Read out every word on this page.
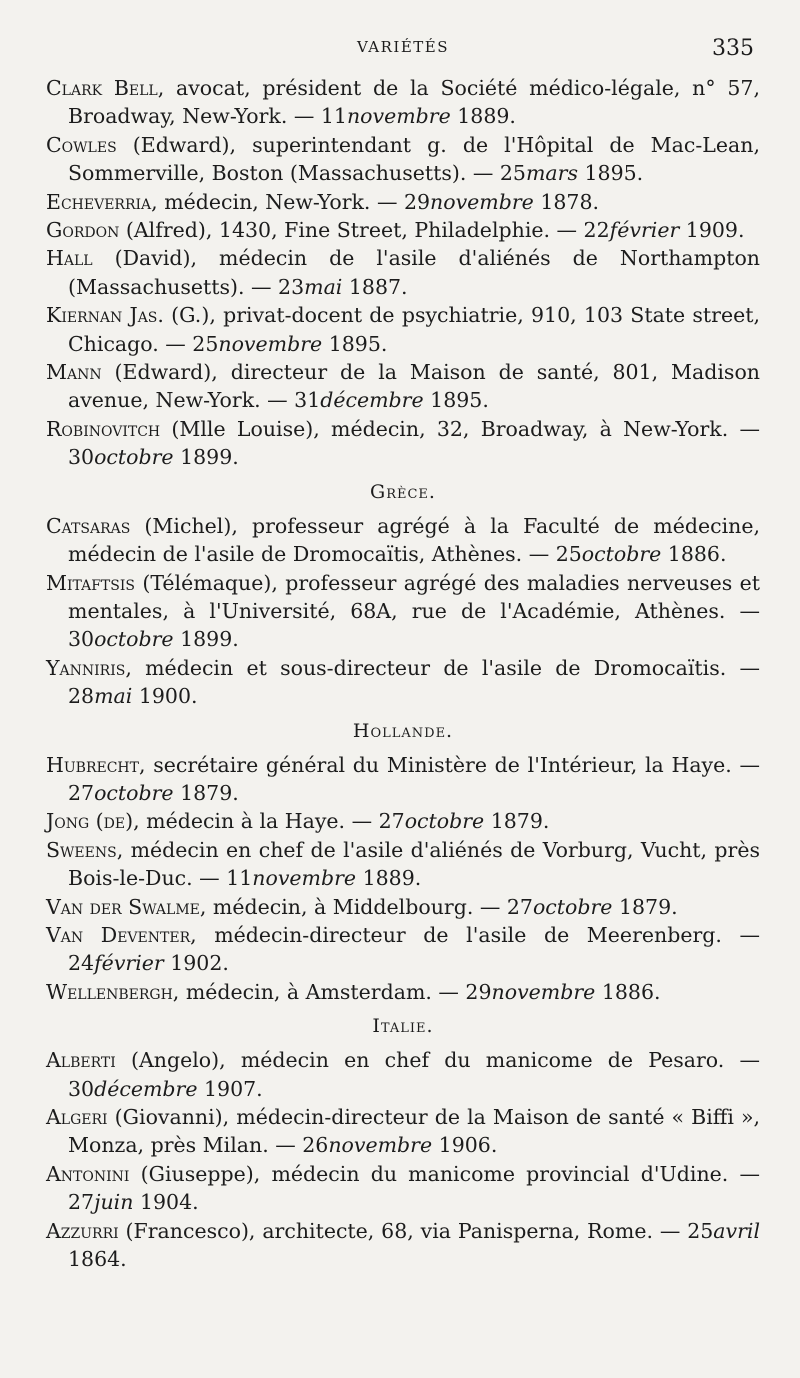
VARIÉTÉS	335

Clark Bell, avocat, président de la Société médico-légale, n° 57, Broadway, New-York. — 11novembre 1889.

Cowles (Edward), superintendant g. de l'Hôpital de Mac-Lean, Sommerville, Boston (Massachusetts). — 25mars 1895.

Echeverria, médecin, New-York. — 29novembre 1878.

Gordon (Alfred), 1430, Fine Street, Philadelphie. — 22février 1909.

Hall (David), médecin de l'asile d'aliénés de Northampton (Massachusetts). — 23mai 1887.

Kiernan Jas. (G.), privat-docent de psychiatrie, 910, 103 State street, Chicago. — 25novembre 1895.

Mann (Edward), directeur de la Maison de santé, 801, Madison avenue, New-York. — 31décembre 1895.

Robinovitch (Mlle Louise), médecin, 32, Broadway, à New-York. — 30octobre 1899.

Grèce.

Catsaras (Michel), professeur agrégé à la Faculté de médecine, médecin de l'asile de Dromocaïtis, Athènes. — 25octobre 1886.

Mitaftsis (Télémaque), professeur agrégé des maladies nerveuses et mentales, à l'Université, 68A, rue de l'Académie, Athènes. — 30octobre 1899.

Yanniris, médecin et sous-directeur de l'asile de Dromocaïtis. — 28mai 1900.

Hollande.

Hubrecht, secrétaire général du Ministère de l'Intérieur, la Haye. — 27octobre 1879.

Jong (de), médecin à la Haye. — 27octobre 1879.

Sweens, médecin en chef de l'asile d'aliénés de Vorburg, Vucht, près Bois-le-Duc. — 11novembre 1889.

Van der Swalme, médecin, à Middelbourg. — 27octobre 1879.

Van Deventer, médecin-directeur de l'asile de Meerenberg. — 24février 1902.

Wellenbergh, médecin, à Amsterdam. — 29novembre 1886.

Italie.

Alberti (Angelo), médecin en chef du manicome de Pesaro. — 30décembre 1907.

Algeri (Giovanni), médecin-directeur de la Maison de santé « Biffi », Monza, près Milan. — 26novembre 1906.

Antonini (Giuseppe), médecin du manicome provincial d'Udine. — 27juin 1904.

Azzurri (Francesco), architecte, 68, via Panisperna, Rome. — 25avril 1864.
